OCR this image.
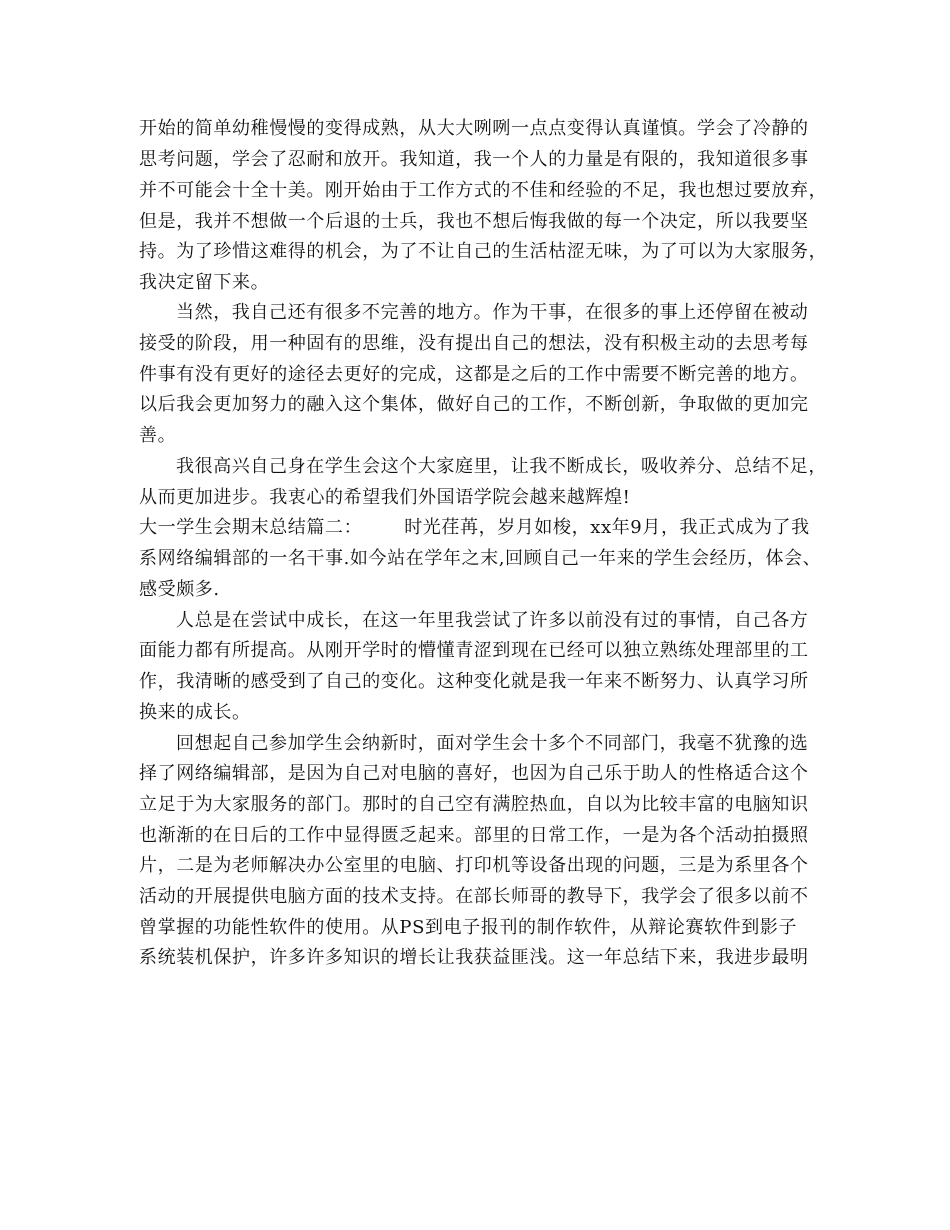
开始的简单幼稚慢慢的变得成熟，从大大咧咧一点点变得认真谨慎。学会了冷静的
思考问题，学会了忍耐和放开。我知道，我一个人的力量是有限的，我知道很多事
并不可能会十全十美。刚开始由于工作方式的不佳和经验的不足，我也想过要放弃，
但是，我并不想做一个后退的士兵，我也不想后悔我做的每一个决定，所以我要坚
持。为了珍惜这难得的机会，为了不让自己的生活枯涩无味，为了可以为大家服务，
我决定留下来。
当然，我自己还有很多不完善的地方。作为干事，在很多的事上还停留在被动
接受的阶段，用一种固有的思维，没有提出自己的想法，没有积极主动的去思考每
件事有没有更好的途径去更好的完成，这都是之后的工作中需要不断完善的地方。
以后我会更加努力的融入这个集体，做好自己的工作，不断创新，争取做的更加完
善。
我很高兴自己身在学生会这个大家庭里，让我不断成长，吸收养分、总结不足，
从而更加进步。我衷心的希望我们外国语学院会越来越辉煌!
大一学生会期末总结篇二： 时光荏苒，岁月如梭，xx年9月，我正式成为了我
系网络编辑部的一名干事.如今站在学年之末,回顾自己一年来的学生会经历，体会、
感受颇多.
人总是在尝试中成长，在这一年里我尝试了许多以前没有过的事情，自己各方
面能力都有所提高。从刚开学时的懵懂青涩到现在已经可以独立熟练处理部里的工
作，我清晰的感受到了自己的变化。这种变化就是我一年来不断努力、认真学习所
换来的成长。
回想起自己参加学生会纳新时，面对学生会十多个不同部门，我毫不犹豫的选
择了网络编辑部，是因为自己对电脑的喜好，也因为自己乐于助人的性格适合这个
立足于为大家服务的部门。那时的自己空有满腔热血，自以为比较丰富的电脑知识
也渐渐的在日后的工作中显得匮乏起来。部里的日常工作，一是为各个活动拍摄照
片，二是为老师解决办公室里的电脑、打印机等设备出现的问题，三是为系里各个
活动的开展提供电脑方面的技术支持。在部长师哥的教导下，我学会了很多以前不
曾掌握的功能性软件的使用。从PS到电子报刊的制作软件，从辩论赛软件到影子
系统装机保护，许多许多知识的增长让我获益匪浅。这一年总结下来，我进步最明
